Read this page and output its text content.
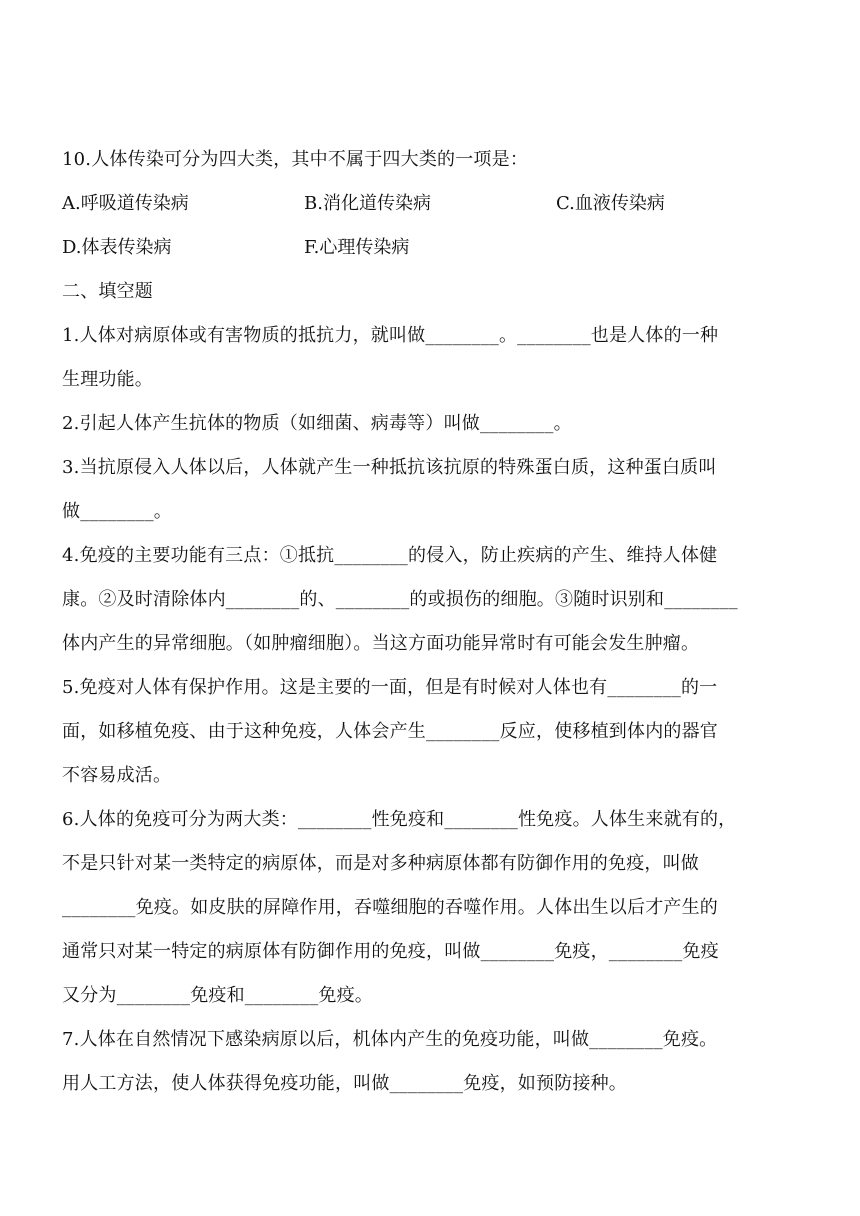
10.人体传染可分为四大类，其中不属于四大类的一项是：
A.呼吸道传染病	B.消化道传染病	C.血液传染病
D.体表传染病	F.心理传染病
二、填空题
1.人体对病原体或有害物质的抵抗力，就叫做________。________也是人体的一种
生理功能。
2.引起人体产生抗体的物质（如细菌、病毒等）叫做________。
3.当抗原侵入人体以后，人体就产生一种抵抗该抗原的特殊蛋白质，这种蛋白质叫
做________。
4.免疫的主要功能有三点：①抵抗________的侵入，防止疾病的产生、维持人体健
康。②及时清除体内________的、________的或损伤的细胞。③随时识别和________
体内产生的异常细胞。（如肿瘤细胞）。当这方面功能异常时有可能会发生肿瘤。
5.免疫对人体有保护作用。这是主要的一面，但是有时候对人体也有________的一
面，如移植免疫、由于这种免疫，人体会产生________反应，使移植到体内的器官
不容易成活。
6.人体的免疫可分为两大类：________性免疫和________性免疫。人体生来就有的，
不是只针对某一类特定的病原体，而是对多种病原体都有防御作用的免疫，叫做
________免疫。如皮肤的屏障作用，吞噬细胞的吞噬作用。人体出生以后才产生的
通常只对某一特定的病原体有防御作用的免疫，叫做________免疫，________免疫
又分为________免疫和________免疫。
7.人体在自然情况下感染病原以后，机体内产生的免疫功能，叫做________免疫。
用人工方法，使人体获得免疫功能，叫做________免疫，如预防接种。
